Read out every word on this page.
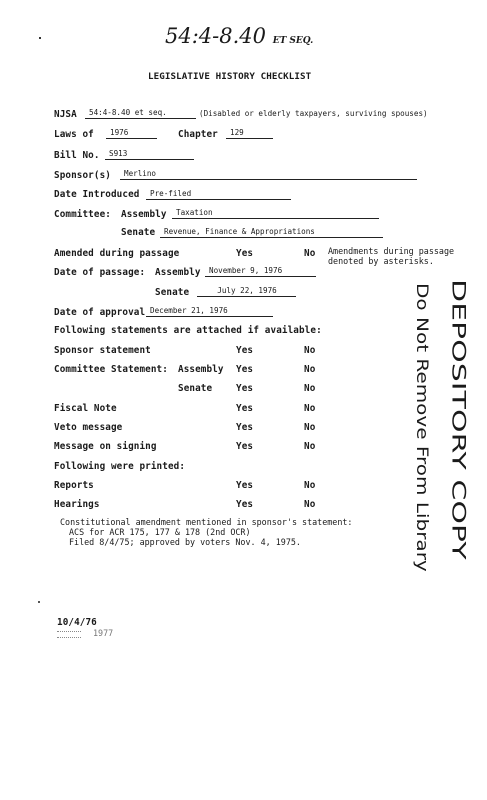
54:4-8.40 ET SEQ.
LEGISLATIVE HISTORY CHECKLIST
NJSA	54:4-8.40 et seq.	(Disabled or elderly taxpayers, surviving spouses)
Laws of	1976	Chapter	129
Bill No.	S913
Sponsor(s)	Merlino
Date Introduced	Pre-filed
Committee: Assembly	Taxation
Senate	Revenue, Finance & Appropriations
Amended during passage	Yes	No Amendments during passage
denoted by asterisks.
Date of passage: Assembly	November 9, 1976
Senate	July 22, 1976
Date of approval December 21, 1976
Following statements are attached if available:
Sponsor statement	Yes	No
Committee Statement: Assembly Yes	No
Senate	Yes	No
Fiscal Note	Yes	No
Veto message	Yes	No
Message on signing	Yes	No
Following were printed:
Reports	Yes	No
Hearings	Yes	No
Constitutional amendment mentioned in sponsor's statement:
ACS for ACR 175, 177 & 178 (2nd OCR)
Filed 8/4/75; approved by voters Nov. 4, 1975.
10/4/76
1977
DEPOSITORY COPY
Do Not Remove From Library
